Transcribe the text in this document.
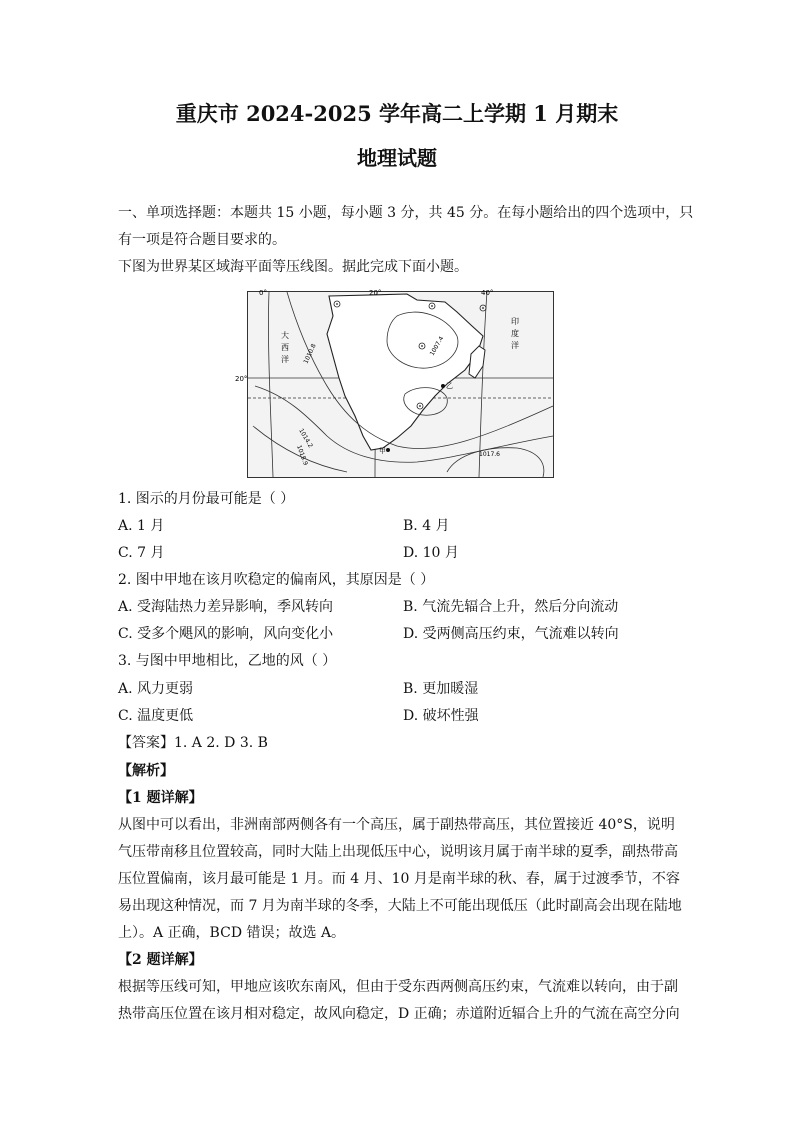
重庆市 2024-2025 学年高二上学期 1 月期末
地理试题
一、单项选择题：本题共 15 小题，每小题 3 分，共 45 分。在每小题给出的四个选项中，只
有一项是符合题目要求的。
下图为世界某区域海平面等压线图。据此完成下面小题。
0°	20°	40°
20°
大
西
洋
印
度
洋
1010.8	1007.4
1014.2
1015.9	1017.6
乙
甲
1. 图示的月份最可能是（ ）
A. 1 月	B. 4 月
C. 7 月	D. 10 月
2. 图中甲地在该月吹稳定的偏南风，其原因是（ ）
A. 受海陆热力差异影响，季风转向	B. 气流先辐合上升，然后分向流动
C. 受多个飓风的影响，风向变化小	D. 受两侧高压约束，气流难以转向
3. 与图中甲地相比，乙地的风（ ）
A. 风力更弱	B. 更加暖湿
C. 温度更低	D. 破坏性强
【答案】1. A 2. D 3. B
【解析】
【1 题详解】
从图中可以看出，非洲南部两侧各有一个高压，属于副热带高压，其位置接近 40°S，说明
气压带南移且位置较高，同时大陆上出现低压中心，说明该月属于南半球的夏季，副热带高
压位置偏南，该月最可能是 1 月。而 4 月、10 月是南半球的秋、春，属于过渡季节，不容
易出现这种情况，而 7 月为南半球的冬季，大陆上不可能出现低压（此时副高会出现在陆地
上）。A 正确，BCD 错误；故选 A。
【2 题详解】
根据等压线可知，甲地应该吹东南风，但由于受东西两侧高压约束，气流难以转向，由于副
热带高压位置在该月相对稳定，故风向稳定，D 正确；赤道附近辐合上升的气流在高空分向
